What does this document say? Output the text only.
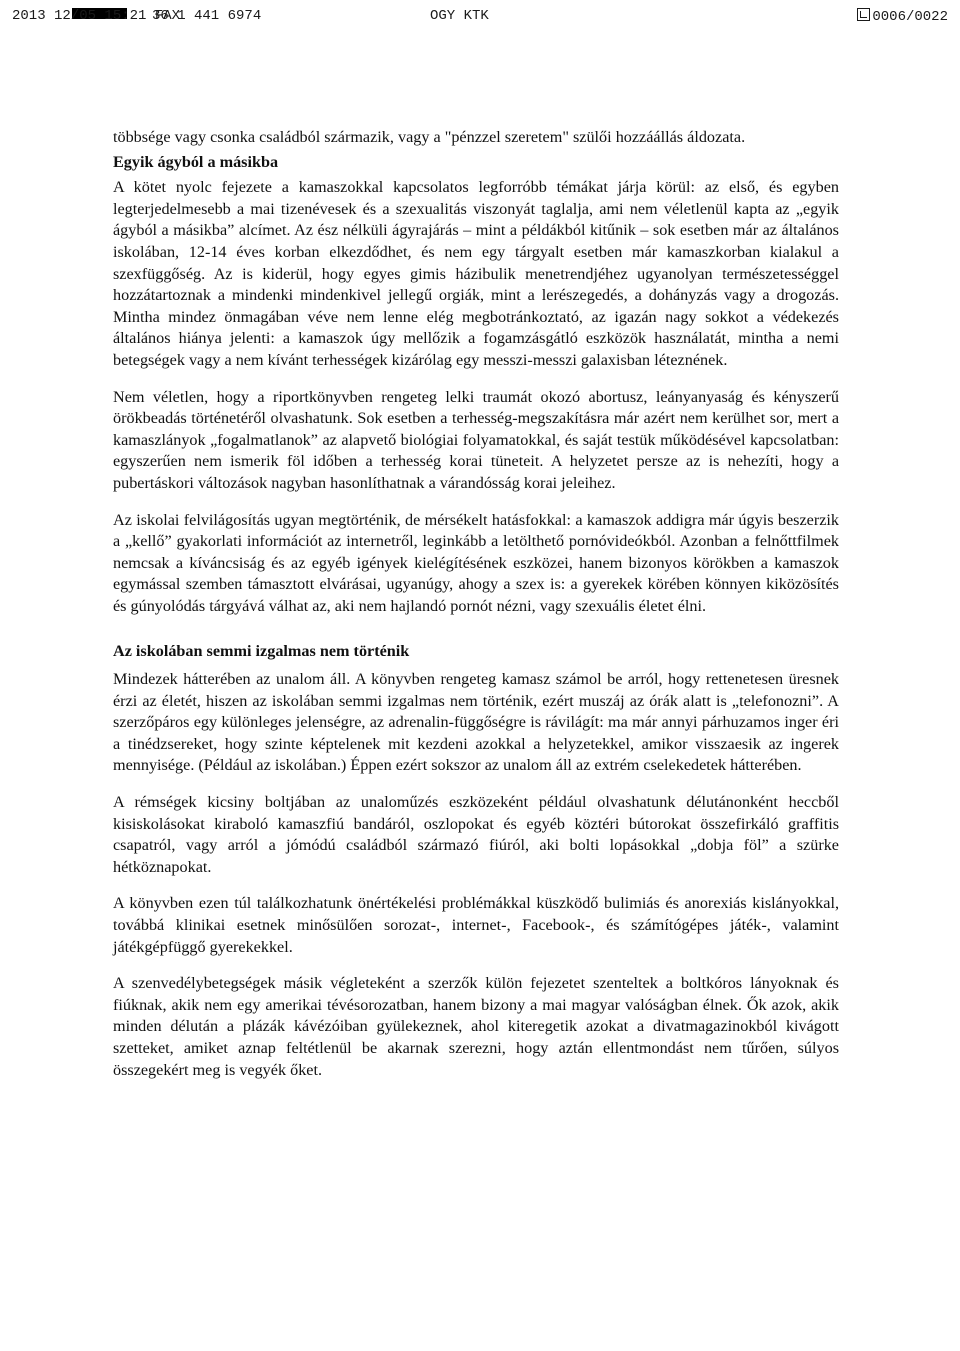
2013 12/05 15:21 FAX
36 1 441 6974	OGY KTK	0006/0022

többsége vagy csonka családból származik, vagy a "pénzzel szeretem" szülői hozzáállás áldozata.

Egyik ágyból a másikba

A kötet nyolc fejezete a kamaszokkal kapcsolatos legforróbb témákat járja körül: az első, és egyben legterjedelmesebb a mai tizenévesek és a szexualitás viszonyát taglalja, ami nem véletlenül kapta az „egyik ágyból a másikba” alcímet. Az ész nélküli ágyrajárás – mint a példákból kitűnik – sok esetben már az általános iskolában, 12-14 éves korban elkezdődhet, és nem egy tárgyalt esetben már kamaszkorban kialakul a szexfüggőség. Az is kiderül, hogy egyes gimis házibulik menetrendjéhez ugyanolyan természetességgel hozzátartoznak a mindenki mindenkivel jellegű orgiák, mint a lerészegedés, a dohányzás vagy a drogozás. Mintha mindez önmagában véve nem lenne elég megbotránkoztató, az igazán nagy sokkot a védekezés általános hiánya jelenti: a kamaszok úgy mellőzik a fogamzásgátló eszközök használatát, mintha a nemi betegségek vagy a nem kívánt terhességek kizárólag egy messzi-messzi galaxisban léteznének.

Nem véletlen, hogy a riportkönyvben rengeteg lelki traumát okozó abortusz, leányanyaság és kényszerű örökbeadás történetéről olvashatunk. Sok esetben a terhesség-megszakításra már azért nem kerülhet sor, mert a kamaszlányok „fogalmatlanok” az alapvető biológiai folyamatokkal, és saját testük működésével kapcsolatban: egyszerűen nem ismerik föl időben a terhesség korai tüneteit. A helyzetet persze az is nehezíti, hogy a pubertáskori változások nagyban hasonlíthatnak a várandósság korai jeleihez.

Az iskolai felvilágosítás ugyan megtörténik, de mérsékelt hatásfokkal: a kamaszok addigra már úgyis beszerzik a „kellő” gyakorlati információt az internetről, leginkább a letölthető pornóvideókból. Azonban a felnőttfilmek nemcsak a kíváncsiság és az egyéb igények kielégítésének eszközei, hanem bizonyos körökben a kamaszok egymással szemben támasztott elvárásai, ugyanúgy, ahogy a szex is: a gyerekek körében könnyen kiközösítés és gúnyolódás tárgyává válhat az, aki nem hajlandó pornót nézni, vagy szexuális életet élni.

Az iskolában semmi izgalmas nem történik

Mindezek hátterében az unalom áll. A könyvben rengeteg kamasz számol be arról, hogy rettenetesen üresnek érzi az életét, hiszen az iskolában semmi izgalmas nem történik, ezért muszáj az órák alatt is „telefonozni”. A szerzőpáros egy különleges jelenségre, az adrenalin-függőségre is rávilágít: ma már annyi párhuzamos inger éri a tinédzsereket, hogy szinte képtelenek mit kezdeni azokkal a helyzetekkel, amikor visszaesik az ingerek mennyisége. (Például az iskolában.) Éppen ezért sokszor az unalom áll az extrém cselekedetek hátterében.

A rémségek kicsiny boltjában az unaloműzés eszközeként például olvashatunk délutánonként heccből kisiskolásokat kiraboló kamaszfiú bandáról, oszlopokat és egyéb köztéri bútorokat összefirkáló graffitis csapatról, vagy arról a jómódú családból származó fiúról, aki bolti lopásokkal „dobja föl” a szürke hétköznapokat.

A könyvben ezen túl találkozhatunk önértékelési problémákkal küszködő bulimiás és anorexiás kislányokkal, továbbá klinikai esetnek minősülően sorozat-, internet-, Facebook-, és számítógépes játék-, valamint játékgépfüggő gyerekekkel.

A szenvedélybetegségek másik végleteként a szerzők külön fejezetet szenteltek a boltkóros lányoknak és fiúknak, akik nem egy amerikai tévésorozatban, hanem bizony a mai magyar valóságban élnek. Ők azok, akik minden délután a plázák kávézóiban gyülekeznek, ahol kiteregetik azokat a divatmagazinokból kivágott szetteket, amiket aznap feltétlenül be akarnak szerezni, hogy aztán ellentmondást nem tűrően, súlyos összegekért meg is vegyék őket.
